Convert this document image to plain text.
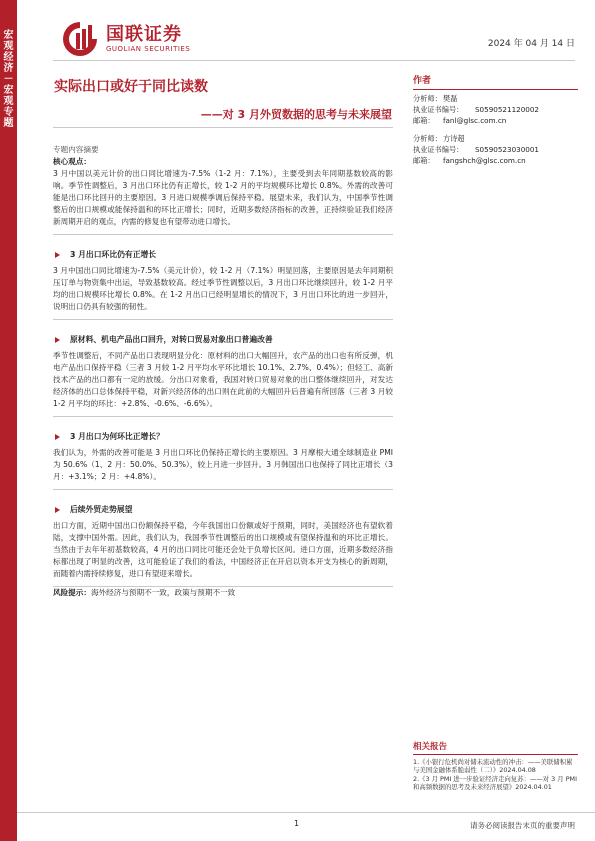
宏观经济－宏观专题
国联证券
GUOLIAN SECURITIES	2024 年 04 月 14 日
实际出口或好于同比读数
——对 3 月外贸数据的思考与未来展望

专题内容摘要

核心观点：

3 月中国以美元计价的出口同比增速为-7.5%（1-2 月：7.1%），主要受到去年同期基数较高的影响。季节性调整后，3 月出口环比仍有正增长，较 1-2 月的平均规模环比增长 0.8%。外需的改善可能是出口环比回升的主要原因。3 月进口规模季调后保持平稳。展望未来，我们认为，中国季节性调整后的出口规模或能保持温和的环比正增长；同时，近期多数经济指标的改善，正持续验证我们经济新周期开启的观点，内需的修复也有望带动进口增长。

3 月出口环比仍有正增长

3 月中国出口同比增速为-7.5%（美元计价），较 1-2 月（7.1%）明显回落，主要原因是去年同期积压订单与物资集中出运，导致基数较高。经过季节性调整以后，3 月出口环比继续回升，较 1-2 月平均的出口规模环比增长 0.8%。在 1-2 月出口已经明显增长的情况下，3 月出口环比的进一步回升，说明出口仍具有较强的韧性。

原材料、机电产品出口回升，对转口贸易对象出口普遍改善

季节性调整后，不同产品出口表现明显分化：原材料的出口大幅回升，农产品的出口也有所反弹，机电产品出口保持平稳（三者 3 月较 1-2 月平均水平环比增长 10.1%、2.7%、0.4%）；但轻工、高新技术产品的出口都有一定的放缓。分出口对象看，我国对转口贸易对象的出口整体继续回升，对发达经济体的出口总体保持平稳，对新兴经济体的出口则在此前的大幅回升后普遍有所回落（三者 3 月较 1-2 月平均的环比：+2.8%、-0.6%、-6.6%）。

3 月出口为何环比正增长？

我们认为，外需的改善可能是 3 月出口环比仍保持正增长的主要原因。3 月摩根大通全球制造业 PMI 为 50.6%（1、2 月：50.0%、50.3%），较上月进一步回升。3 月韩国出口也保持了同比正增长（3 月：+3.1%；2 月：+4.8%）。

后续外贸走势展望

出口方面，近期中国出口份额保持平稳，今年我国出口份额或好于预期，同时，美国经济也有望软着陆，支撑中国外需。因此，我们认为，我国季节性调整后的出口规模或有望保持温和的环比正增长。当然由于去年年初基数较高，4 月的出口同比可能还会处于负增长区间。进口方面，近期多数经济指标都出现了明显的改善，这可能验证了我们的看法，中国经济正在开启以资本开支为核心的新周期，而随着内需持续修复，进口有望迎来增长。

风险提示：海外经济与预期不一致，政策与预期不一致

作者
分析师： 樊磊
执业证书编号：	S0590521120002
邮箱：	fanl@glsc.com.cn
分析师： 方诗超
执业证书编号：	S0590523030001
邮箱：	fangshch@glsc.com.cn
相关报告
1.《小银行危机尚对储未流动性的冲击：——美联储积累与美国金融体系脆弱性（二）》2024.04.08
2.《3 月 PMI 进一步验证经济走向复苏：——对 3 月 PMI 和高频数据的思考及未来经济展望》2024.04.01
1	请务必阅读报告末页的重要声明
